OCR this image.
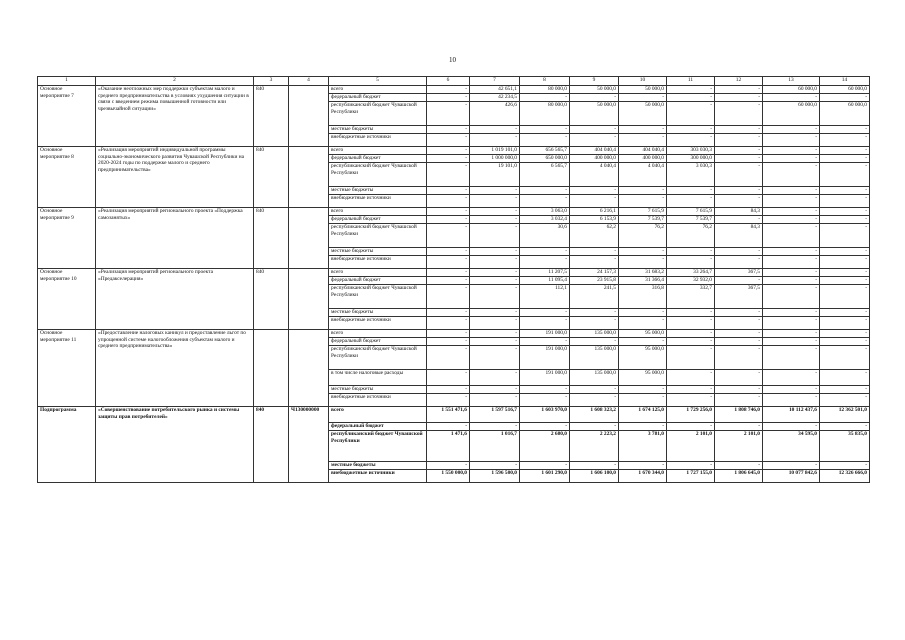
10
1	2	3	4	5	6	7	8	9	10	11	12	13	14
Основное мероприятие 7	«Оказание неотложных мер поддержки субъектам малого и среднего предпринимательства в условиях ухудшения ситуации в связи с введением режима повышенной готовности или чрезвычайной ситуации»	840		всего	-	42 651,1	80 000,0	50 000,0	50 000,0	-	-	60 000,0	60 000,0
				федеральный бюджет	-	42 234,5	-	-	-	-	-	-	-
				республиканский бюджет Чувашской Республики	-	426,6	80 000,0	50 000,0	50 000,0	-	-	60 000,0	60 000,0
				местные бюджеты	-	-	-	-	-	-	-	-	-
				внебюджетные источники	-	-	-	-	-	-	-	-	-
Основное мероприятие 8	«Реализация мероприятий индивидуальной программы социально-экономического развития Чувашской Республики на 2020-2024 годы по поддержке малого и среднего предпринимательства»	840		всего	-	1 019 101,0	656 565,7	404 040,4	404 040,4	303 030,3	-	-	-
				федеральный бюджет	-	1 000 000,0	650 000,0	400 000,0	400 000,0	300 000,0	-	-	-
				республиканский бюджет Чувашской Республики	-	19 101,0	6 565,7	4 040,4	4 040,4	3 030,3	-	-	-
				местные бюджеты	-	-	-	-	-	-	-	-	-
				внебюджетные источники	-	-	-	-	-	-	-	-	-
Основное мероприятие 9	«Реализация мероприятий регионального проекта «Поддержка самозанятых»	840		всего	-	-	3 063,0	6 216,1	7 615,9	7 615,9	84,3	-	-
				федеральный бюджет	-	-	3 032,4	6 153,9	7 539,7	7 539,7	-	-	-
				республиканский бюджет Чувашской Республики	-	-	30,6	62,2	76,2	76,2	84,3	-	-
				местные бюджеты	-	-	-	-	-	-	-	-	-
				внебюджетные источники	-	-	-	-	-	-	-	-	-
Основное мероприятие 10	«Реализация мероприятий регионального проекта «Предакселерация»	840		всего	-	-	11 207,5	24 157,3	31 683,2	33 264,7	367,5	-	-
				федеральный бюджет	-	-	11 095,4	23 915,8	31 366,4	32 932,0	-	-	-
				республиканский бюджет Чувашской Республики	-	-	112,1	241,5	316,8	332,7	367,5	-	-
				местные бюджеты	-	-	-	-	-	-	-	-	-
				внебюджетные источники	-	-	-	-	-	-	-	-	-
Основное мероприятие 11	«Предоставление налоговых каникул и предоставление льгот по упрощенной системе налогообложения субъектам малого и среднего предпринимательства»			всего	-	-	191 000,0	135 000,0	95 000,0	-	-	-	-
				федеральный бюджет	-	-	-	-	-	-	-	-	-
				республиканский бюджет Чувашской Республики	-	-	191 000,0	135 000,0	95 000,0	-	-	-	-
				в том числе налоговые расходы	-	-	191 000,0	135 000,0	95 000,0	-	-	-	-
				местные бюджеты	-	-	-	-	-	-	-	-	-
				внебюджетные источники	-	-	-	-	-	-	-	-	-
Подпрограмма	«Совершенствование потребительского рынка и системы защиты прав потребителей»	840	Ч130000000	всего	1 551 471,6	1 597 516,7	1 603 970,0	1 608 323,2	1 674 125,0	1 729 256,0	1 808 746,0	10 112 437,6	12 362 501,0
				федеральный бюджет	-	-	-	-	-	-	-	-	-
				республиканский бюджет Чувашской Республики	1 471,6	1 016,7	2 680,0	2 223,2	3 781,0	2 101,0	2 101,0	34 595,0	35 835,0
				местные бюджеты	-	-	-	-	-	-	-	-	-
				внебюджетные источники	1 550 000,0	1 596 500,0	1 601 290,0	1 606 100,0	1 670 344,0	1 727 155,0	1 806 645,0	10 077 842,6	12 326 666,0
